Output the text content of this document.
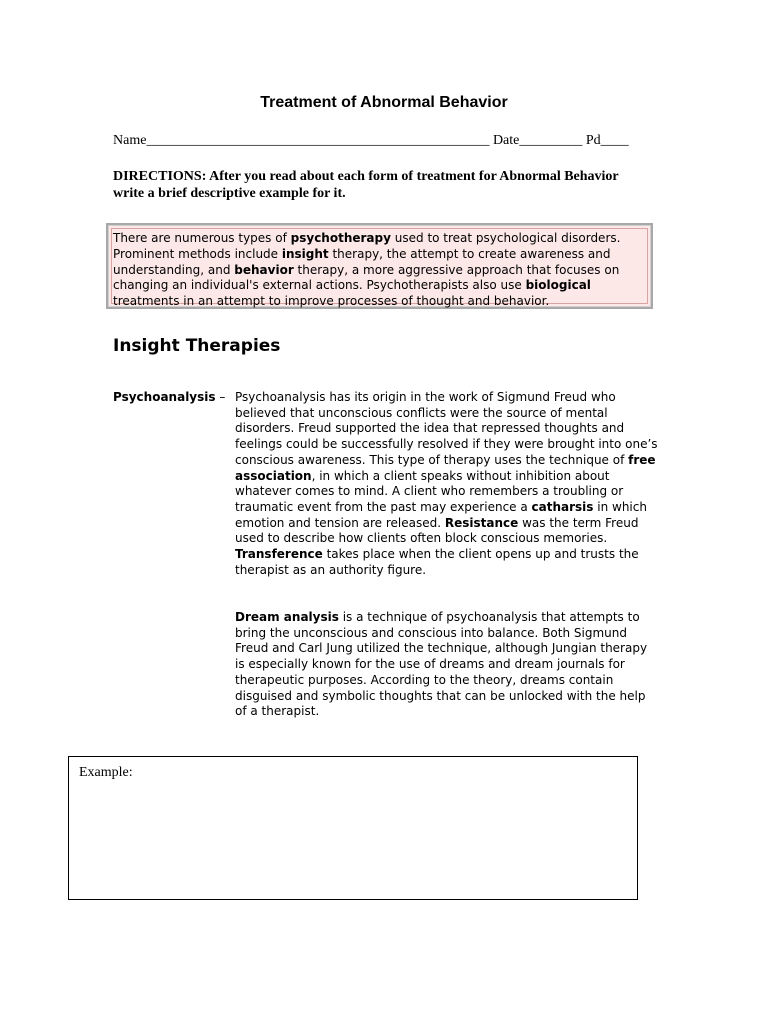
Treatment of Abnormal Behavior
Name_________________________________________________ Date_________ Pd____
DIRECTIONS: After you read about each form of treatment for Abnormal Behavior write a brief descriptive example for it.
There are numerous types of psychotherapy used to treat psychological disorders. Prominent methods include insight therapy, the attempt to create awareness and understanding, and behavior therapy, a more aggressive approach that focuses on changing an individual's external actions. Psychotherapists also use biological treatments in an attempt to improve processes of thought and behavior.
Insight Therapies
Psychoanalysis – Psychoanalysis has its origin in the work of Sigmund Freud who believed that unconscious conflicts were the source of mental disorders. Freud supported the idea that repressed thoughts and feelings could be successfully resolved if they were brought into one’s conscious awareness. This type of therapy uses the technique of free association, in which a client speaks without inhibition about whatever comes to mind. A client who remembers a troubling or traumatic event from the past may experience a catharsis in which emotion and tension are released. Resistance was the term Freud used to describe how clients often block conscious memories. Transference takes place when the client opens up and trusts the therapist as an authority figure.
Dream analysis is a technique of psychoanalysis that attempts to bring the unconscious and conscious into balance. Both Sigmund Freud and Carl Jung utilized the technique, although Jungian therapy is especially known for the use of dreams and dream journals for therapeutic purposes. According to the theory, dreams contain disguised and symbolic thoughts that can be unlocked with the help of a therapist.
Example:
